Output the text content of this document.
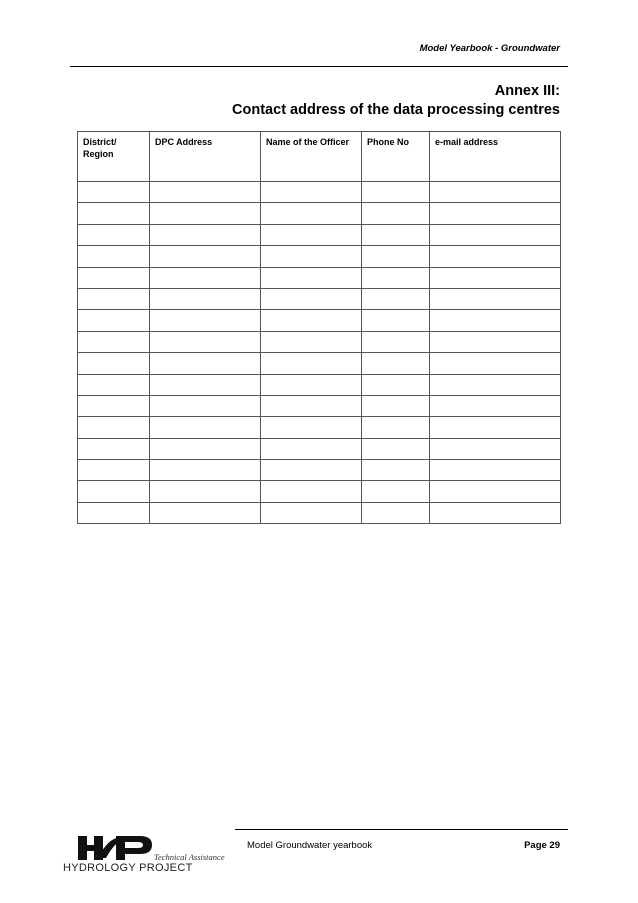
Model Yearbook - Groundwater
Annex III:
Contact address of the data processing centres
District/
Region	DPC Address	Name of the Officer	Phone No	e-mail address

Technical Assistance
HYDROLOGY PROJECT
Model Groundwater yearbook	Page 29
